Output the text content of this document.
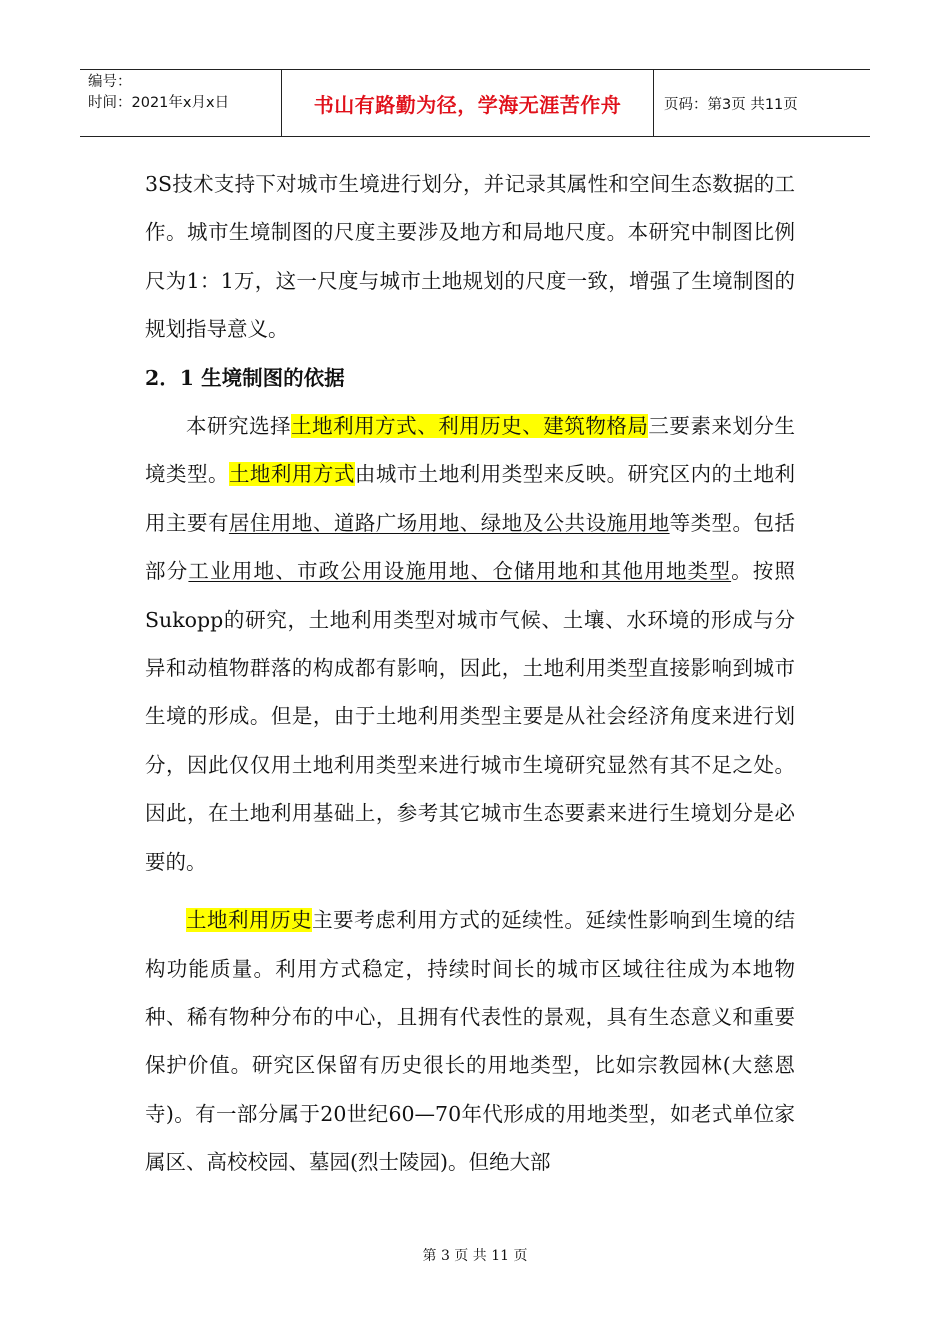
编号：
时间：2021年x月x日	书山有路勤为径，学海无涯苦作舟	页码：第3页 共11页

3S技术支持下对城市生境进行划分，并记录其属性和空间生态数据的工作。城市生境制图的尺度主要涉及地方和局地尺度。本研究中制图比例尺为1：1万，这一尺度与城市土地规划的尺度一致，增强了生境制图的规划指导意义。

2．1 生境制图的依据

本研究选择土地利用方式、利用历史、建筑物格局三要素来划分生境类型。土地利用方式由城市土地利用类型来反映。研究区内的土地利用主要有居住用地、道路广场用地、绿地及公共设施用地等类型。包括部分工业用地、市政公用设施用地、仓储用地和其他用地类型。按照Sukopp的研究，土地利用类型对城市气候、土壤、水环境的形成与分异和动植物群落的构成都有影响，因此，土地利用类型直接影响到城市生境的形成。但是，由于土地利用类型主要是从社会经济角度来进行划分，因此仅仅用土地利用类型来进行城市生境研究显然有其不足之处。因此，在土地利用基础上，参考其它城市生态要素来进行生境划分是必要的。

土地利用历史主要考虑利用方式的延续性。延续性影响到生境的结构功能质量。利用方式稳定，持续时间长的城市区域往往成为本地物种、稀有物种分布的中心，且拥有代表性的景观，具有生态意义和重要保护价值。研究区保留有历史很长的用地类型，比如宗教园林(大慈恩寺)。有一部分属于20世纪60—70年代形成的用地类型，如老式单位家属区、高校校园、墓园(烈士陵园)。但绝大部

第 3 页 共 11 页
